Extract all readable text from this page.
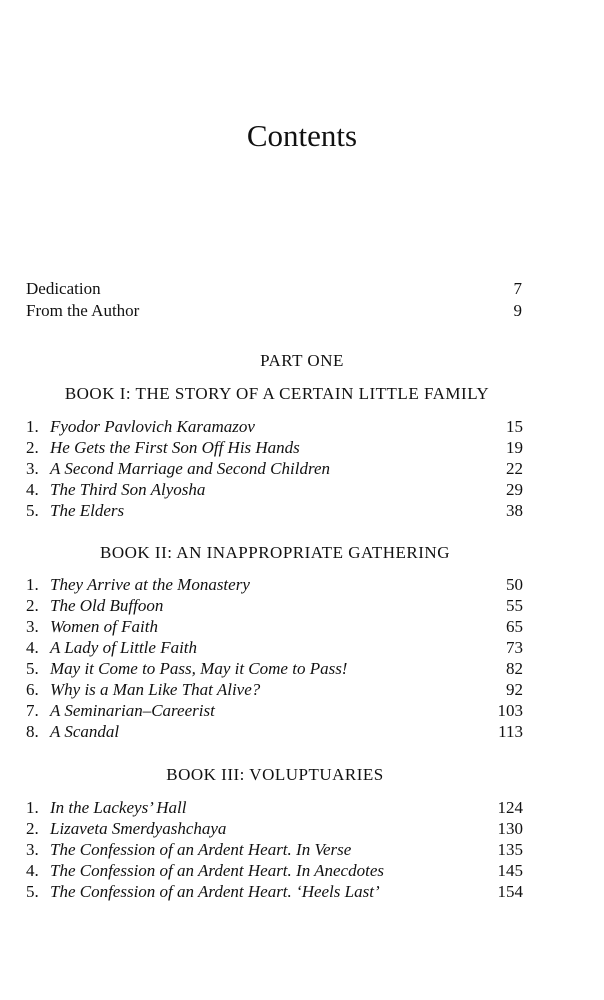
Contents
Dedication	7
From the Author	9
PART ONE
BOOK I: THE STORY OF A CERTAIN LITTLE FAMILY
1. Fyodor Pavlovich Karamazov	15
2. He Gets the First Son Off His Hands	19
3. A Second Marriage and Second Children	22
4. The Third Son Alyosha	29
5. The Elders	38
BOOK II: AN INAPPROPRIATE GATHERING
1. They Arrive at the Monastery	50
2. The Old Buffoon	55
3. Women of Faith	65
4. A Lady of Little Faith	73
5. May it Come to Pass, May it Come to Pass!	82
6. Why is a Man Like That Alive?	92
7. A Seminarian–Careerist	103
8. A Scandal	113
BOOK III: VOLUPTUARIES
1. In the Lackeys’ Hall	124
2. Lizaveta Smerdyashchaya	130
3. The Confession of an Ardent Heart. In Verse	135
4. The Confession of an Ardent Heart. In Anecdotes	145
5. The Confession of an Ardent Heart. ‘Heels Last’	154
